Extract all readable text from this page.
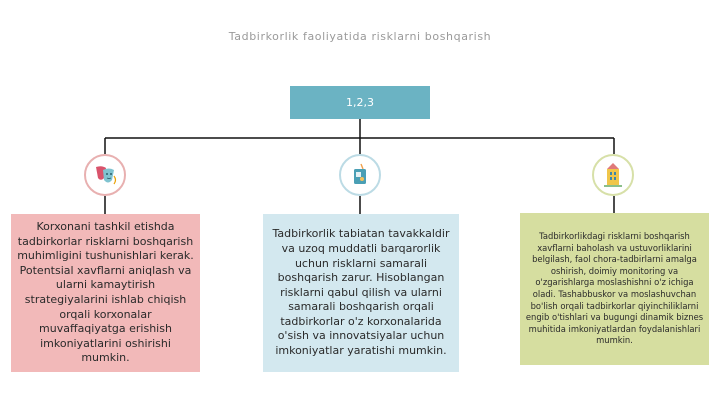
Tadbirkorlik faoliyatida risklarni boshqarish
1,2,3
Korxonani tashkil etishda tadbirkorlar risklarni boshqarish muhimligini tushunishlari kerak. Potentsial xavflarni aniqlash va ularni kamaytirish strategiyalarini ishlab chiqish orqali korxonalar muvaffaqiyatga erishish imkoniyatlarini oshirishi mumkin.
Tadbirkorlik tabiatan tavakkaldir va uzoq muddatli barqarorlik uchun risklarni samarali boshqarish zarur. Hisoblangan risklarni qabul qilish va ularni samarali boshqarish orqali tadbirkorlar o'z korxonalarida o'sish va innovatsiyalar uchun imkoniyatlar yaratishi mumkin.
Tadbirkorlikdagi risklarni boshqarish xavflarni baholash va ustuvorliklarini belgilash, faol chora-tadbirlarni amalga oshirish, doimiy monitoring va o'zgarishlarga moslashishni o'z ichiga oladi. Tashabbuskor va moslashuvchan bo'lish orqali tadbirkorlar qiyinchiliklarni engib o'tishlari va bugungi dinamik biznes muhitida imkoniyatlardan foydalanishlari mumkin.
